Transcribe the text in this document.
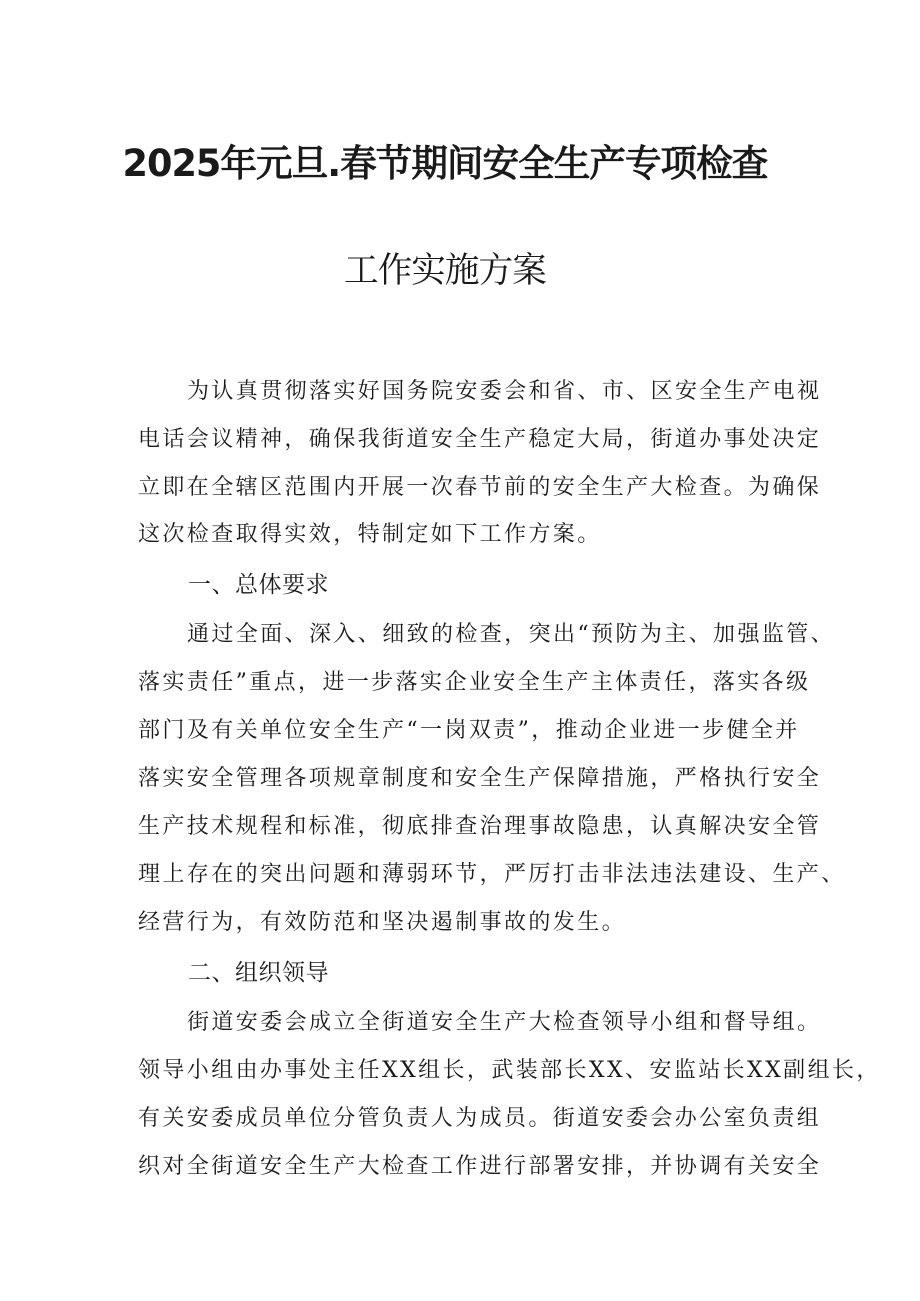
2025年元旦.春节期间安全生产专项检查
工作实施方案
为认真贯彻落实好国务院安委会和省、市、区安全生产电视
电话会议精神，确保我街道安全生产稳定大局，街道办事处决定
立即在全辖区范围内开展一次春节前的安全生产大检查。为确保
这次检查取得实效，特制定如下工作方案。
一、总体要求
通过全面、深入、细致的检查，突出“预防为主、加强监管、
落实责任”重点，进一步落实企业安全生产主体责任，落实各级
部门及有关单位安全生产“一岗双责”，推动企业进一步健全并
落实安全管理各项规章制度和安全生产保障措施，严格执行安全
生产技术规程和标准，彻底排查治理事故隐患，认真解决安全管
理上存在的突出问题和薄弱环节，严厉打击非法违法建设、生产、
经营行为，有效防范和坚决遏制事故的发生。
二、组织领导
街道安委会成立全街道安全生产大检查领导小组和督导组。
领导小组由办事处主任XX组长，武装部长XX、安监站长XX副组长，
有关安委成员单位分管负责人为成员。街道安委会办公室负责组
织对全街道安全生产大检查工作进行部署安排，并协调有关安全
